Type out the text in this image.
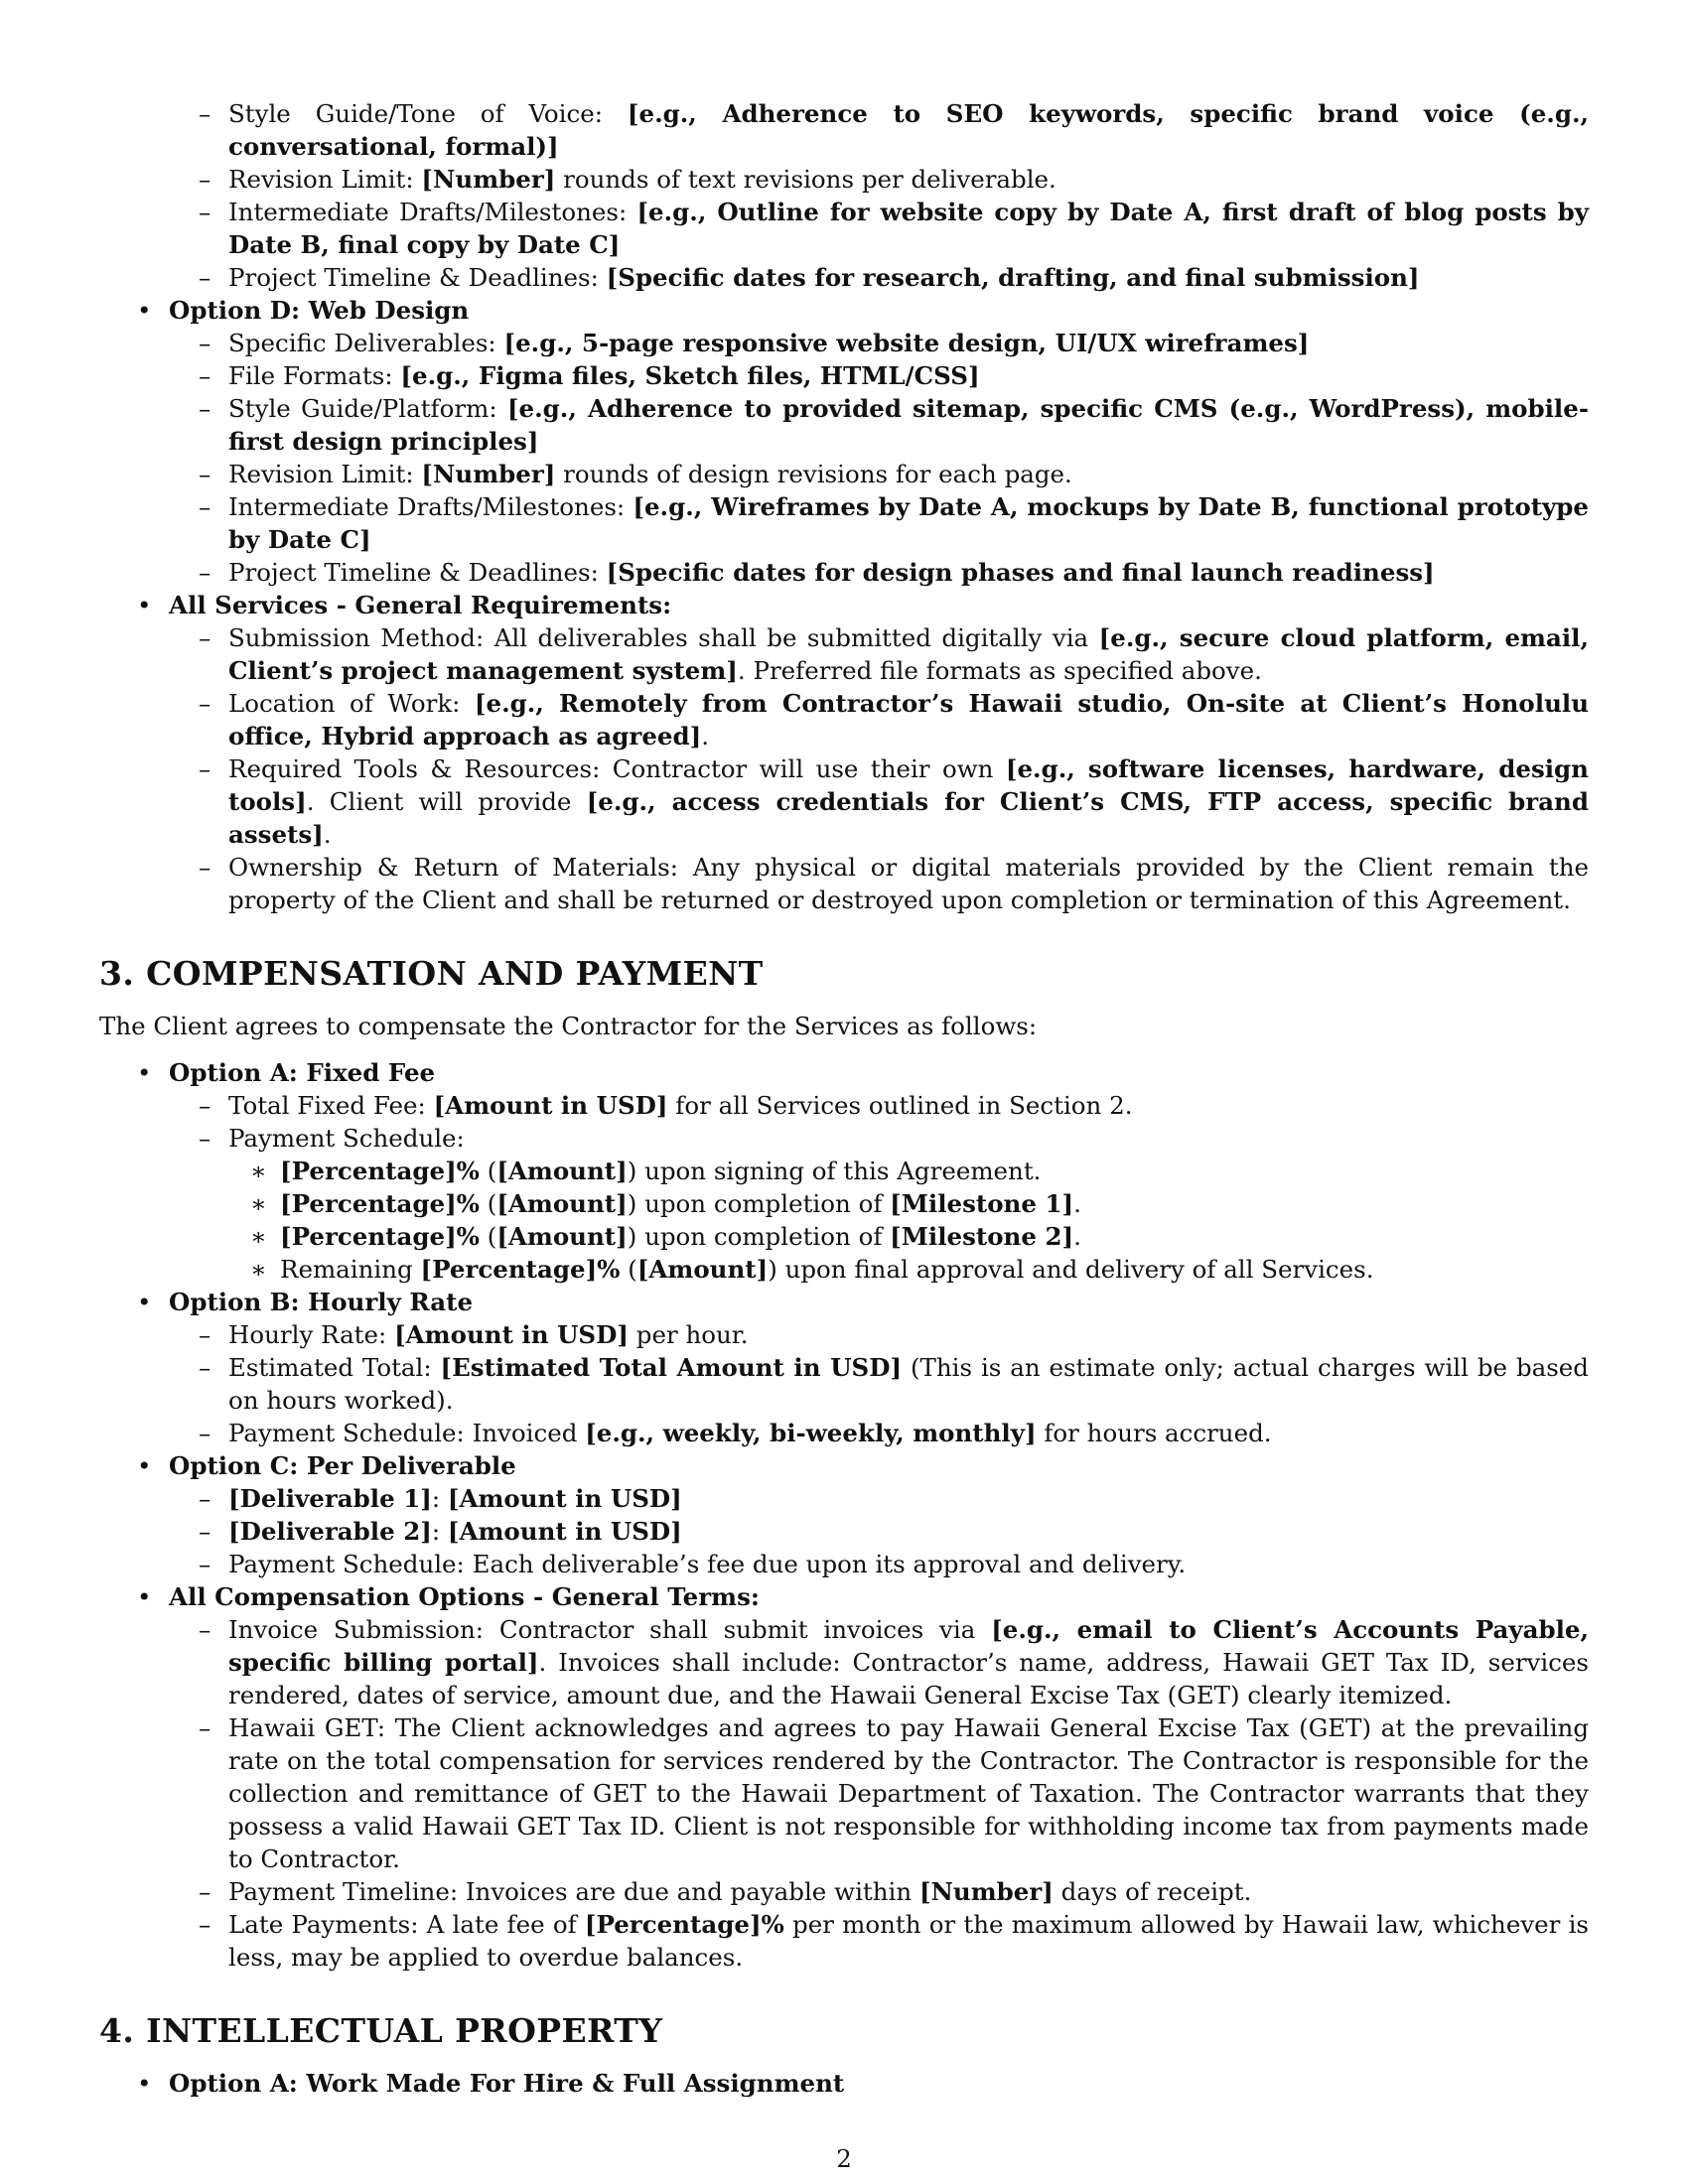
– Style Guide/Tone of Voice: [e.g., Adherence to SEO keywords, specific brand voice (e.g., conversational, formal)]
– Revision Limit: [Number] rounds of text revisions per deliverable.
– Intermediate Drafts/Milestones: [e.g., Outline for website copy by Date A, first draft of blog posts by Date B, final copy by Date C]
– Project Timeline & Deadlines: [Specific dates for research, drafting, and final submission]
• Option D: Web Design
– Specific Deliverables: [e.g., 5-page responsive website design, UI/UX wireframes]
– File Formats: [e.g., Figma files, Sketch files, HTML/CSS]
– Style Guide/Platform: [e.g., Adherence to provided sitemap, specific CMS (e.g., WordPress), mobile-first design principles]
– Revision Limit: [Number] rounds of design revisions for each page.
– Intermediate Drafts/Milestones: [e.g., Wireframes by Date A, mockups by Date B, functional prototype by Date C]
– Project Timeline & Deadlines: [Specific dates for design phases and final launch readiness]
• All Services - General Requirements:
– Submission Method: All deliverables shall be submitted digitally via [e.g., secure cloud platform, email, Client’s project management system]. Preferred file formats as specified above.
– Location of Work: [e.g., Remotely from Contractor’s Hawaii studio, On-site at Client’s Honolulu office, Hybrid approach as agreed].
– Required Tools & Resources: Contractor will use their own [e.g., software licenses, hardware, design tools]. Client will provide [e.g., access credentials for Client’s CMS, FTP access, specific brand assets].
– Ownership & Return of Materials: Any physical or digital materials provided by the Client remain the property of the Client and shall be returned or destroyed upon completion or termination of this Agreement.
3. COMPENSATION AND PAYMENT

The Client agrees to compensate the Contractor for the Services as follows:

• Option A: Fixed Fee
– Total Fixed Fee: [Amount in USD] for all Services outlined in Section 2.
– Payment Schedule:
∗ [Percentage]% ([Amount]) upon signing of this Agreement.
∗ [Percentage]% ([Amount]) upon completion of [Milestone 1].
∗ [Percentage]% ([Amount]) upon completion of [Milestone 2].
∗ Remaining [Percentage]% ([Amount]) upon final approval and delivery of all Services.
• Option B: Hourly Rate
– Hourly Rate: [Amount in USD] per hour.
– Estimated Total: [Estimated Total Amount in USD] (This is an estimate only; actual charges will be based on hours worked).
– Payment Schedule: Invoiced [e.g., weekly, bi-weekly, monthly] for hours accrued.
• Option C: Per Deliverable
– [Deliverable 1]: [Amount in USD]
– [Deliverable 2]: [Amount in USD]
– Payment Schedule: Each deliverable’s fee due upon its approval and delivery.
• All Compensation Options - General Terms:
– Invoice Submission: Contractor shall submit invoices via [e.g., email to Client’s Accounts Payable, specific billing portal]. Invoices shall include: Contractor’s name, address, Hawaii GET Tax ID, services rendered, dates of service, amount due, and the Hawaii General Excise Tax (GET) clearly itemized.
– Hawaii GET: The Client acknowledges and agrees to pay Hawaii General Excise Tax (GET) at the prevailing rate on the total compensation for services rendered by the Contractor. The Contractor is responsible for the collection and remittance of GET to the Hawaii Department of Taxation. The Contractor warrants that they possess a valid Hawaii GET Tax ID. Client is not responsible for withholding income tax from payments made to Contractor.
– Payment Timeline: Invoices are due and payable within [Number] days of receipt.
– Late Payments: A late fee of [Percentage]% per month or the maximum allowed by Hawaii law, whichever is less, may be applied to overdue balances.
4. INTELLECTUAL PROPERTY
• Option A: Work Made For Hire & Full Assignment
2
